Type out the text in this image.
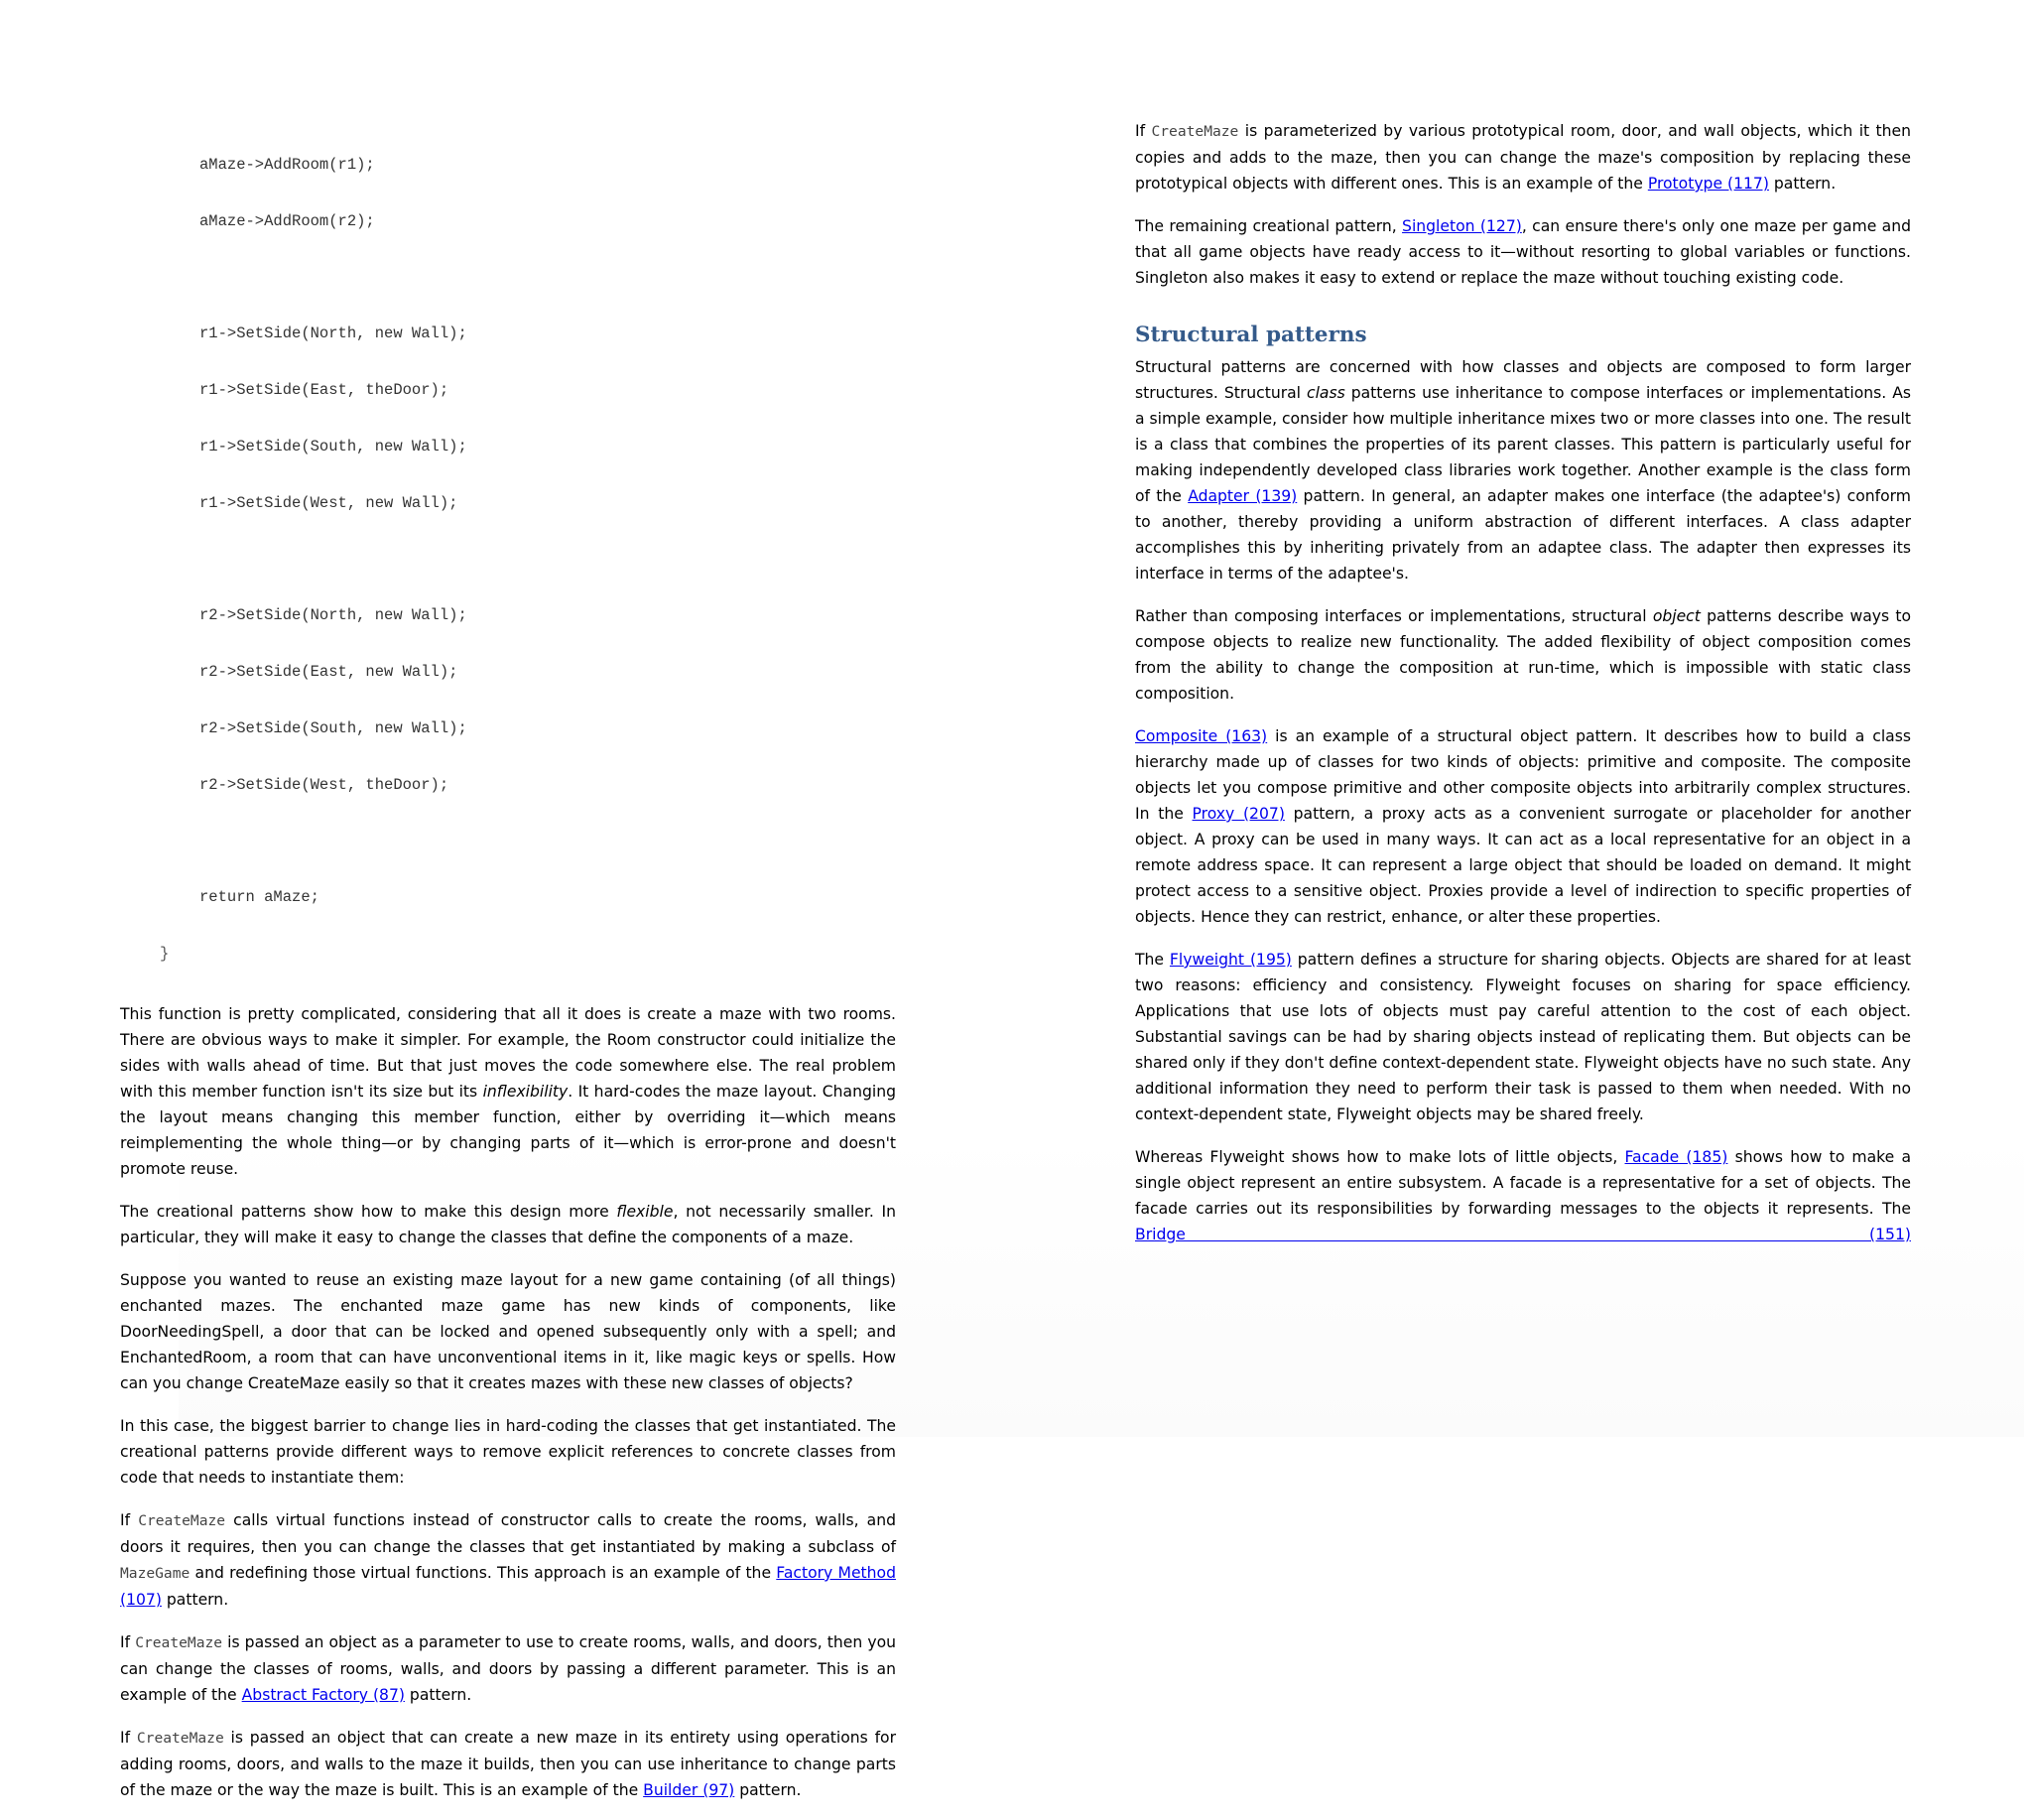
aMaze->AddRoom(r1);

aMaze->AddRoom(r2);

r1->SetSide(North, new Wall);

r1->SetSide(East, theDoor);

r1->SetSide(South, new Wall);

r1->SetSide(West, new Wall);

r2->SetSide(North, new Wall);

r2->SetSide(East, new Wall);

r2->SetSide(South, new Wall);

r2->SetSide(West, theDoor);

return aMaze;

}

This function is pretty complicated, considering that all it does is create a maze with two rooms. There are obvious ways to make it simpler. For example, the Room constructor could initialize the sides with walls ahead of time. But that just moves the code somewhere else. The real problem with this member function isn't its size but its inflexibility. It hard-codes the maze layout. Changing the layout means changing this member function, either by overriding it—which means reimplementing the whole thing—or by changing parts of it—which is error-prone and doesn't promote reuse.

The creational patterns show how to make this design more flexible, not necessarily smaller. In particular, they will make it easy to change the classes that define the components of a maze.

Suppose you wanted to reuse an existing maze layout for a new game containing (of all things) enchanted mazes. The enchanted maze game has new kinds of components, like DoorNeedingSpell, a door that can be locked and opened subsequently only with a spell; and EnchantedRoom, a room that can have unconventional items in it, like magic keys or spells. How can you change CreateMaze easily so that it creates mazes with these new classes of objects?

In this case, the biggest barrier to change lies in hard-coding the classes that get instantiated. The creational patterns provide different ways to remove explicit references to concrete classes from code that needs to instantiate them:

If CreateMaze calls virtual functions instead of constructor calls to create the rooms, walls, and doors it requires, then you can change the classes that get instantiated by making a subclass of MazeGame and redefining those virtual functions. This approach is an example of the Factory Method (107) pattern.

If CreateMaze is passed an object as a parameter to use to create rooms, walls, and doors, then you can change the classes of rooms, walls, and doors by passing a different parameter. This is an example of the Abstract Factory (87) pattern.

If CreateMaze is passed an object that can create a new maze in its entirety using operations for adding rooms, doors, and walls to the maze it builds, then you can use inheritance to change parts of the maze or the way the maze is built. This is an example of the Builder (97) pattern.

If CreateMaze is parameterized by various prototypical room, door, and wall objects, which it then copies and adds to the maze, then you can change the maze's composition by replacing these prototypical objects with different ones. This is an example of the Prototype (117) pattern.

The remaining creational pattern, Singleton (127), can ensure there's only one maze per game and that all game objects have ready access to it—without resorting to global variables or functions. Singleton also makes it easy to extend or replace the maze without touching existing code.

Structural patterns

Structural patterns are concerned with how classes and objects are composed to form larger structures. Structural class patterns use inheritance to compose interfaces or implementations. As a simple example, consider how multiple inheritance mixes two or more classes into one. The result is a class that combines the properties of its parent classes. This pattern is particularly useful for making independently developed class libraries work together. Another example is the class form of the Adapter (139) pattern. In general, an adapter makes one interface (the adaptee's) conform to another, thereby providing a uniform abstraction of different interfaces. A class adapter accomplishes this by inheriting privately from an adaptee class. The adapter then expresses its interface in terms of the adaptee's.

Rather than composing interfaces or implementations, structural object patterns describe ways to compose objects to realize new functionality. The added flexibility of object composition comes from the ability to change the composition at run-time, which is impossible with static class composition.

Composite (163) is an example of a structural object pattern. It describes how to build a class hierarchy made up of classes for two kinds of objects: primitive and composite. The composite objects let you compose primitive and other composite objects into arbitrarily complex structures. In the Proxy (207) pattern, a proxy acts as a convenient surrogate or placeholder for another object. A proxy can be used in many ways. It can act as a local representative for an object in a remote address space. It can represent a large object that should be loaded on demand. It might protect access to a sensitive object. Proxies provide a level of indirection to specific properties of objects. Hence they can restrict, enhance, or alter these properties.

The Flyweight (195) pattern defines a structure for sharing objects. Objects are shared for at least two reasons: efficiency and consistency. Flyweight focuses on sharing for space efficiency. Applications that use lots of objects must pay careful attention to the cost of each object. Substantial savings can be had by sharing objects instead of replicating them. But objects can be shared only if they don't define context-dependent state. Flyweight objects have no such state. Any additional information they need to perform their task is passed to them when needed. With no context-dependent state, Flyweight objects may be shared freely.

Whereas Flyweight shows how to make lots of little objects, Facade (185) shows how to make a single object represent an entire subsystem. A facade is a representative for a set of objects. The facade carries out its responsibilities by forwarding messages to the objects it represents. The Bridge (151)
